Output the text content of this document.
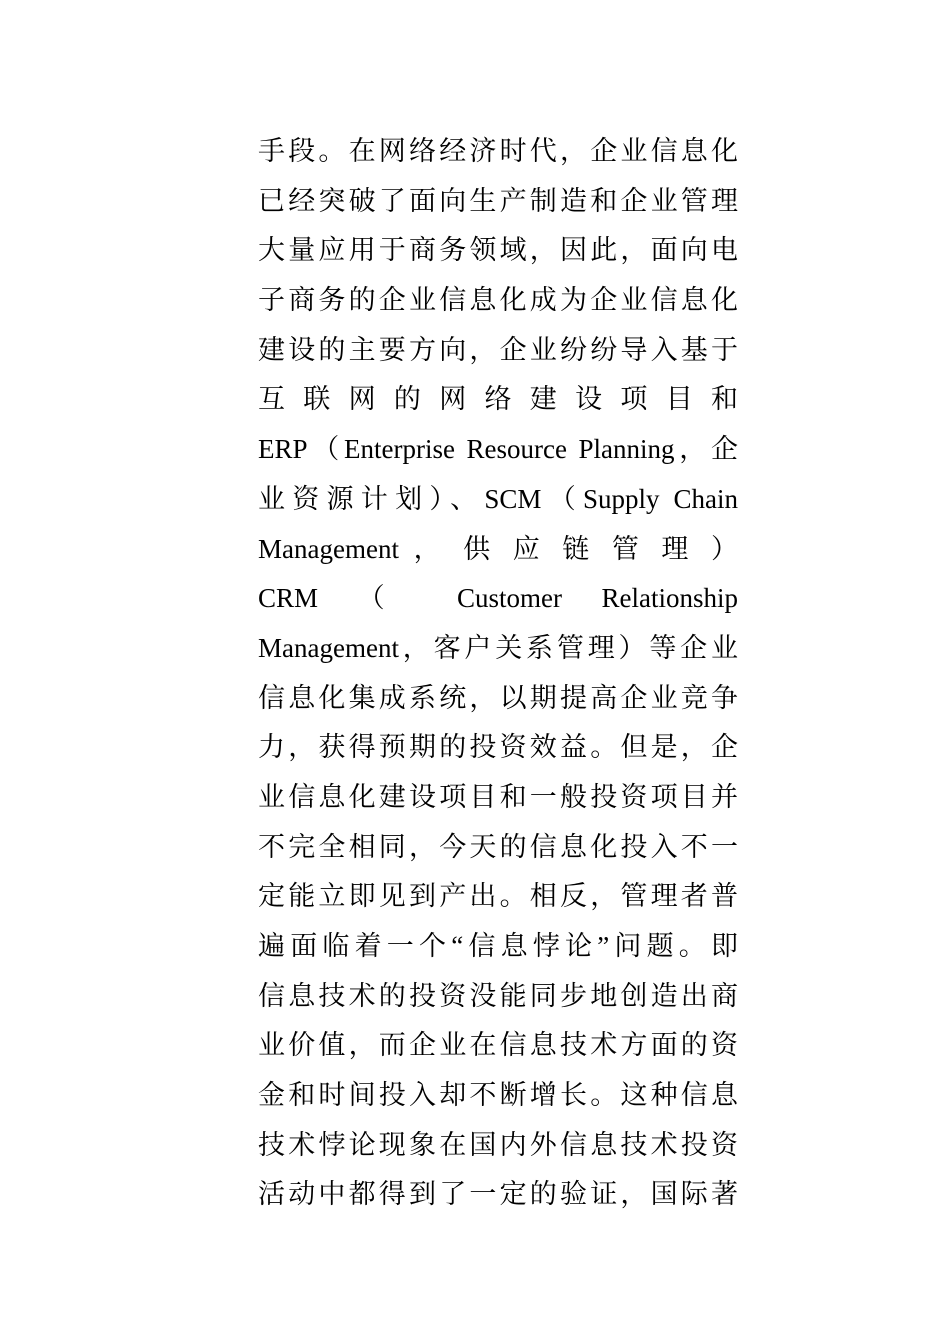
手段。在网络经济时代，企业信息化
已经突破了面向生产制造和企业管理
大量应用于商务领域，因此，面向电
子商务的企业信息化成为企业信息化
建设的主要方向，企业纷纷导入基于
互 联 网 的 网 络 建 设 项 目 和
ERP（Enterprise Resource Planning，企
业资源计划）、SCM（Supply Chain
Management ， 供 应 链 管 理 ）
CRM （ Customer Relationship
Management，客户关系管理）等企业
信息化集成系统，以期提高企业竞争
力，获得预期的投资效益。但是，企
业信息化建设项目和一般投资项目并
不完全相同，今天的信息化投入不一
定能立即见到产出。相反，管理者普
遍面临着一个“信息悖论”问题。即
信息技术的投资没能同步地创造出商
业价值，而企业在信息技术方面的资
金和时间投入却不断增长。这种信息
技术悖论现象在国内外信息技术投资
活动中都得到了一定的验证，国际著
